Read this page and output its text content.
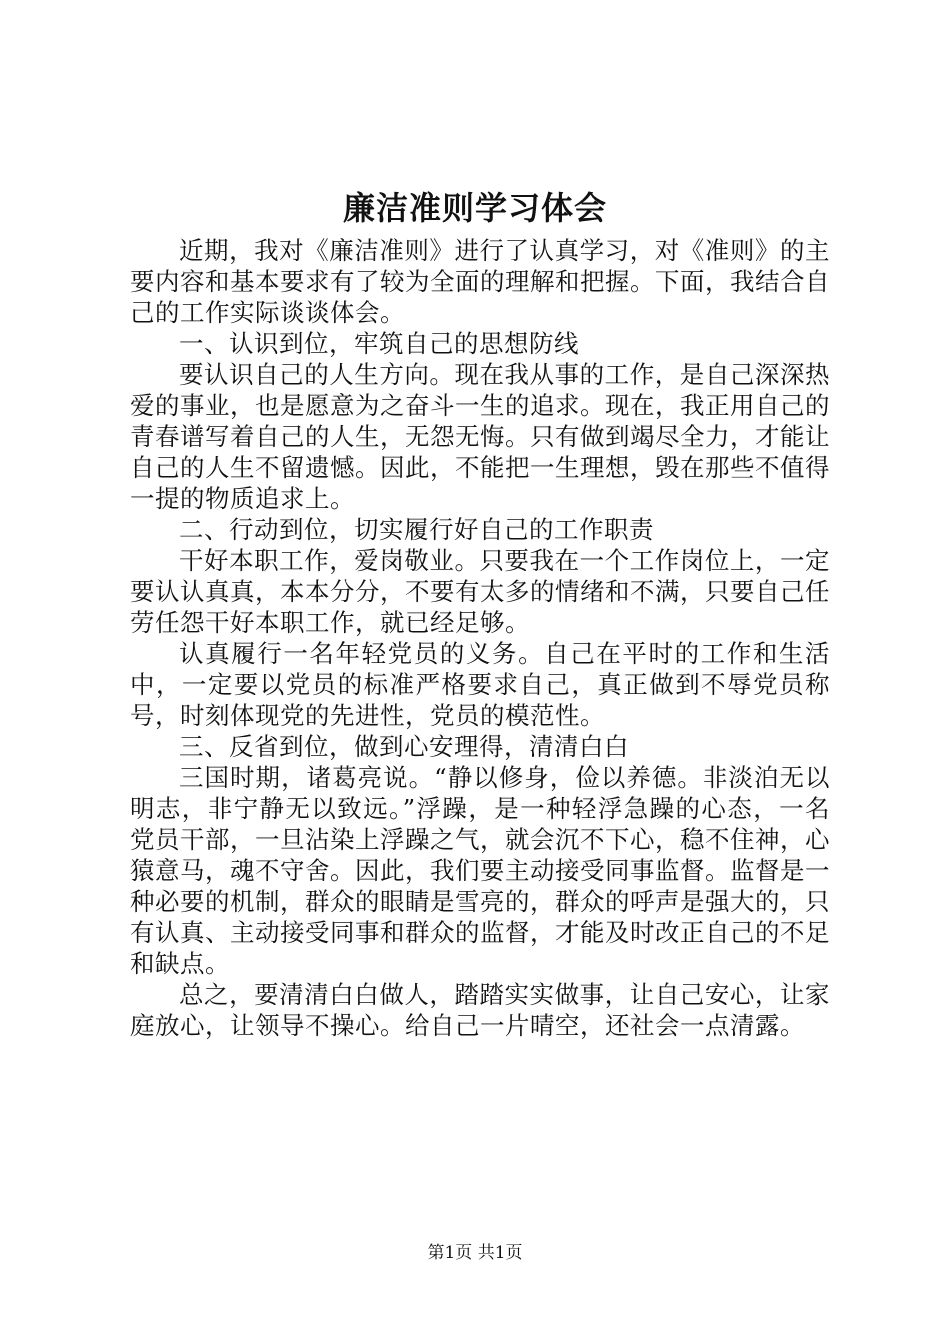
廉洁准则学习体会

近期，我对《廉洁准则》进行了认真学习，对《准则》的主要内容和基本要求有了较为全面的理解和把握。下面，我结合自己的工作实际谈谈体会。

一、认识到位，牢筑自己的思想防线

要认识自己的人生方向。现在我从事的工作，是自己深深热爱的事业，也是愿意为之奋斗一生的追求。现在，我正用自己的青春谱写着自己的人生，无怨无悔。只有做到竭尽全力，才能让自己的人生不留遗憾。因此，不能把一生理想，毁在那些不值得一提的物质追求上。

二、行动到位，切实履行好自己的工作职责

干好本职工作，爱岗敬业。只要我在一个工作岗位上，一定要认认真真，本本分分，不要有太多的情绪和不满，只要自己任劳任怨干好本职工作，就已经足够。

认真履行一名年轻党员的义务。自己在平时的工作和生活中，一定要以党员的标准严格要求自己，真正做到不辱党员称号，时刻体现党的先进性，党员的模范性。

三、反省到位，做到心安理得，清清白白

三国时期，诸葛亮说。“静以修身，俭以养德。非淡泊无以明志，非宁静无以致远。”浮躁，是一种轻浮急躁的心态，一名党员干部，一旦沾染上浮躁之气，就会沉不下心，稳不住神，心猿意马，魂不守舍。因此，我们要主动接受同事监督。监督是一种必要的机制，群众的眼睛是雪亮的，群众的呼声是强大的，只有认真、主动接受同事和群众的监督，才能及时改正自己的不足和缺点。

总之，要清清白白做人，踏踏实实做事，让自己安心，让家庭放心，让领导不操心。给自己一片晴空，还社会一点清露。

第1页 共1页
